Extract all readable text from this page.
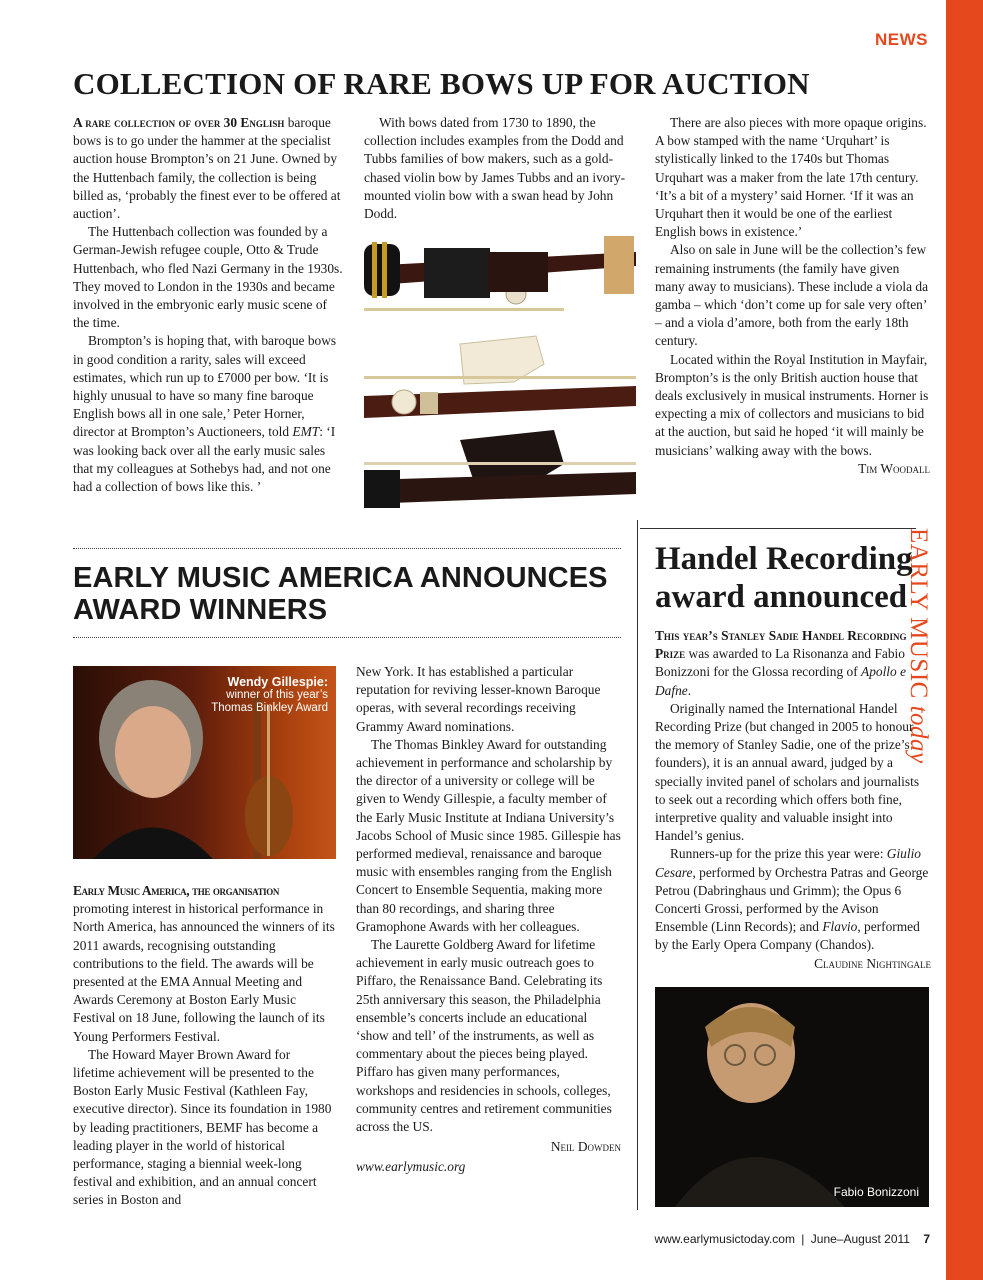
EARLY MUSIC today
NEWS
COLLECTION OF RARE BOWS UP FOR AUCTION

A rare collection of over 30 English baroque bows is to go under the hammer at the specialist auction house Brompton’s on 21 June. Owned by the Huttenbach family, the collection is being billed as, ‘probably the finest ever to be offered at auction’.

The Huttenbach collection was founded by a German-Jewish refugee couple, Otto & Trude Huttenbach, who fled Nazi Germany in the 1930s. They moved to London in the 1930s and became involved in the embryonic early music scene of the time.

Brompton’s is hoping that, with baroque bows in good condition a rarity, sales will exceed estimates, which run up to £7000 per bow. ‘It is highly unusual to have so many fine baroque English bows all in one sale,’ Peter Horner, director at Brompton’s Auctioneers, told EMT: ‘I was looking back over all the early music sales that my colleagues at Sothebys had, and not one had a collection of bows like this. ’

With bows dated from 1730 to 1890, the collection includes examples from the Dodd and Tubbs families of bow makers, such as a gold-chased violin bow by James Tubbs and an ivory-mounted violin bow with a swan head by John Dodd.

There are also pieces with more opaque origins. A bow stamped with the name ‘Urquhart’ is stylistically linked to the 1740s but Thomas Urquhart was a maker from the late 17th century. ‘It’s a bit of a mystery’ said Horner. ‘If it was an Urquhart then it would be one of the earliest English bows in existence.’

Also on sale in June will be the collection’s few remaining instruments (the family have given many away to musicians). These include a viola da gamba – which ‘don’t come up for sale very often’ – and a viola d’amore, both from the early 18th century.

Located within the Royal Institution in Mayfair, Brompton’s is the only British auction house that deals exclusively in musical instruments. Horner is expecting a mix of collectors and musicians to bid at the auction, but said he hoped ‘it will mainly be musicians’ walking away with the bows.

Tim Woodall
EARLY MUSIC AMERICA ANNOUNCES AWARD WINNERS
Wendy Gillespie:
winner of this year’s
Thomas Binkley Award

Early Music America, the organisation promoting interest in historical performance in North America, has announced the winners of its 2011 awards, recognising outstanding contributions to the field. The awards will be presented at the EMA Annual Meeting and Awards Ceremony at Boston Early Music Festival on 18 June, following the launch of its Young Performers Festival.

The Howard Mayer Brown Award for lifetime achievement will be presented to the Boston Early Music Festival (Kathleen Fay, executive director). Since its foundation in 1980 by leading practitioners, BEMF has become a leading player in the world of historical performance, staging a biennial week-long festival and exhibition, and an annual concert series in Boston and

New York. It has established a particular reputation for reviving lesser-known Baroque operas, with several recordings receiving Grammy Award nominations.

The Thomas Binkley Award for outstanding achievement in performance and scholarship by the director of a university or college will be given to Wendy Gillespie, a faculty member of the Early Music Institute at Indiana University’s Jacobs School of Music since 1985. Gillespie has performed medieval, renaissance and baroque music with ensembles ranging from the English Concert to Ensemble Sequentia, making more than 80 recordings, and sharing three Gramophone Awards with her colleagues.

The Laurette Goldberg Award for lifetime achievement in early music outreach goes to Piffaro, the Renaissance Band. Celebrating its 25th anniversary this season, the Philadelphia ensemble’s concerts include an educational ‘show and tell’ of the instruments, as well as commentary about the pieces being played. Piffaro has given many performances, workshops and residencies in schools, colleges, community centres and retirement communities across the US.

Neil Dowden
www.earlymusic.org
Handel Recording award announced

This year’s Stanley Sadie Handel Recording Prize was awarded to La Risonanza and Fabio Bonizzoni for the Glossa recording of Apollo e Dafne.

Originally named the International Handel Recording Prize (but changed in 2005 to honour the memory of Stanley Sadie, one of the prize’s founders), it is an annual award, judged by a specially invited panel of scholars and journalists to seek out a recording which offers both fine, interpretive quality and valuable insight into Handel’s genius.

Runners-up for the prize this year were: Giulio Cesare, performed by Orchestra Patras and George Petrou (Dabringhaus und Grimm); the Opus 6 Concerti Grossi, performed by the Avison Ensemble (Linn Records); and Flavio, performed by the Early Opera Company (Chandos).

Claudine Nightingale
Fabio Bonizzoni
www.earlymusictoday.com | June–August 2011 7
